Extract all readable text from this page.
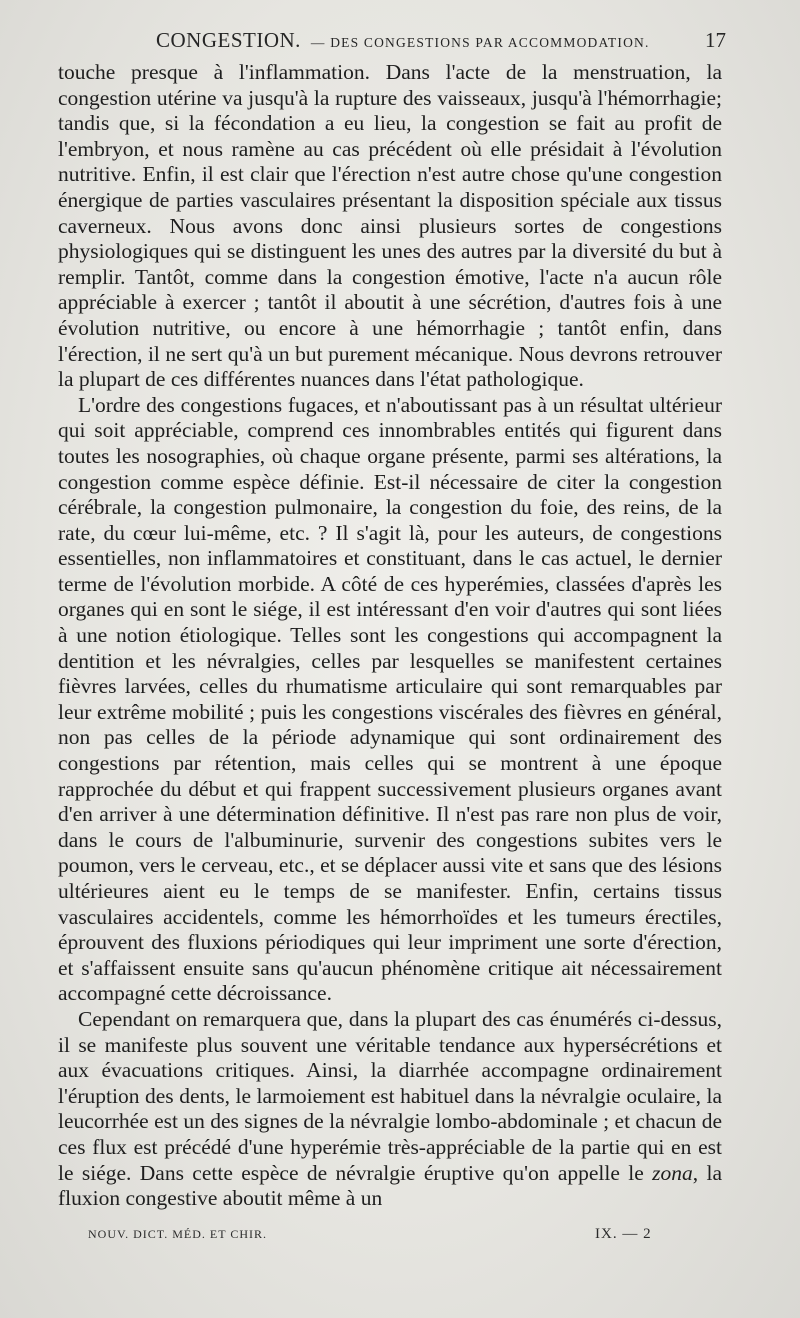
CONGESTION. — DES CONGESTIONS PAR ACCOMMODATION.	17

touche presque à l'inflammation. Dans l'acte de la menstruation, la congestion utérine va jusqu'à la rupture des vaisseaux, jusqu'à l'hémorrhagie; tandis que, si la fécondation a eu lieu, la congestion se fait au profit de l'embryon, et nous ramène au cas précédent où elle présidait à l'évolution nutritive. Enfin, il est clair que l'érection n'est autre chose qu'une congestion énergique de parties vasculaires présentant la disposition spéciale aux tissus caverneux. Nous avons donc ainsi plusieurs sortes de congestions physiologiques qui se distinguent les unes des autres par la diversité du but à remplir. Tantôt, comme dans la congestion émotive, l'acte n'a aucun rôle appréciable à exercer ; tantôt il aboutit à une sécrétion, d'autres fois à une évolution nutritive, ou encore à une hémorrhagie ; tantôt enfin, dans l'érection, il ne sert qu'à un but purement mécanique. Nous devrons retrouver la plupart de ces différentes nuances dans l'état pathologique.

L'ordre des congestions fugaces, et n'aboutissant pas à un résultat ultérieur qui soit appréciable, comprend ces innombrables entités qui figurent dans toutes les nosographies, où chaque organe présente, parmi ses altérations, la congestion comme espèce définie. Est-il nécessaire de citer la congestion cérébrale, la congestion pulmonaire, la congestion du foie, des reins, de la rate, du cœur lui-même, etc. ? Il s'agit là, pour les auteurs, de congestions essentielles, non inflammatoires et constituant, dans le cas actuel, le dernier terme de l'évolution morbide. A côté de ces hyperémies, classées d'après les organes qui en sont le siége, il est intéressant d'en voir d'autres qui sont liées à une notion étiologique. Telles sont les congestions qui accompagnent la dentition et les névralgies, celles par lesquelles se manifestent certaines fièvres larvées, celles du rhumatisme articulaire qui sont remarquables par leur extrême mobilité ; puis les congestions viscérales des fièvres en général, non pas celles de la période adynamique qui sont ordinairement des congestions par rétention, mais celles qui se montrent à une époque rapprochée du début et qui frappent successivement plusieurs organes avant d'en arriver à une détermination définitive. Il n'est pas rare non plus de voir, dans le cours de l'albuminurie, survenir des congestions subites vers le poumon, vers le cerveau, etc., et se déplacer aussi vite et sans que des lésions ultérieures aient eu le temps de se manifester. Enfin, certains tissus vasculaires accidentels, comme les hémorrhoïdes et les tumeurs érectiles, éprouvent des fluxions périodiques qui leur impriment une sorte d'érection, et s'affaissent ensuite sans qu'aucun phénomène critique ait nécessairement accompagné cette décroissance.

Cependant on remarquera que, dans la plupart des cas énumérés ci-dessus, il se manifeste plus souvent une véritable tendance aux hypersécrétions et aux évacuations critiques. Ainsi, la diarrhée accompagne ordinairement l'éruption des dents, le larmoiement est habituel dans la névralgie oculaire, la leucorrhée est un des signes de la névralgie lombo-abdominale ; et chacun de ces flux est précédé d'une hyperémie très-appréciable de la partie qui en est le siége. Dans cette espèce de névralgie éruptive qu'on appelle le zona, la fluxion congestive aboutit même à un

NOUV. DICT. MÉD. ET CHIR.	IX. — 2
